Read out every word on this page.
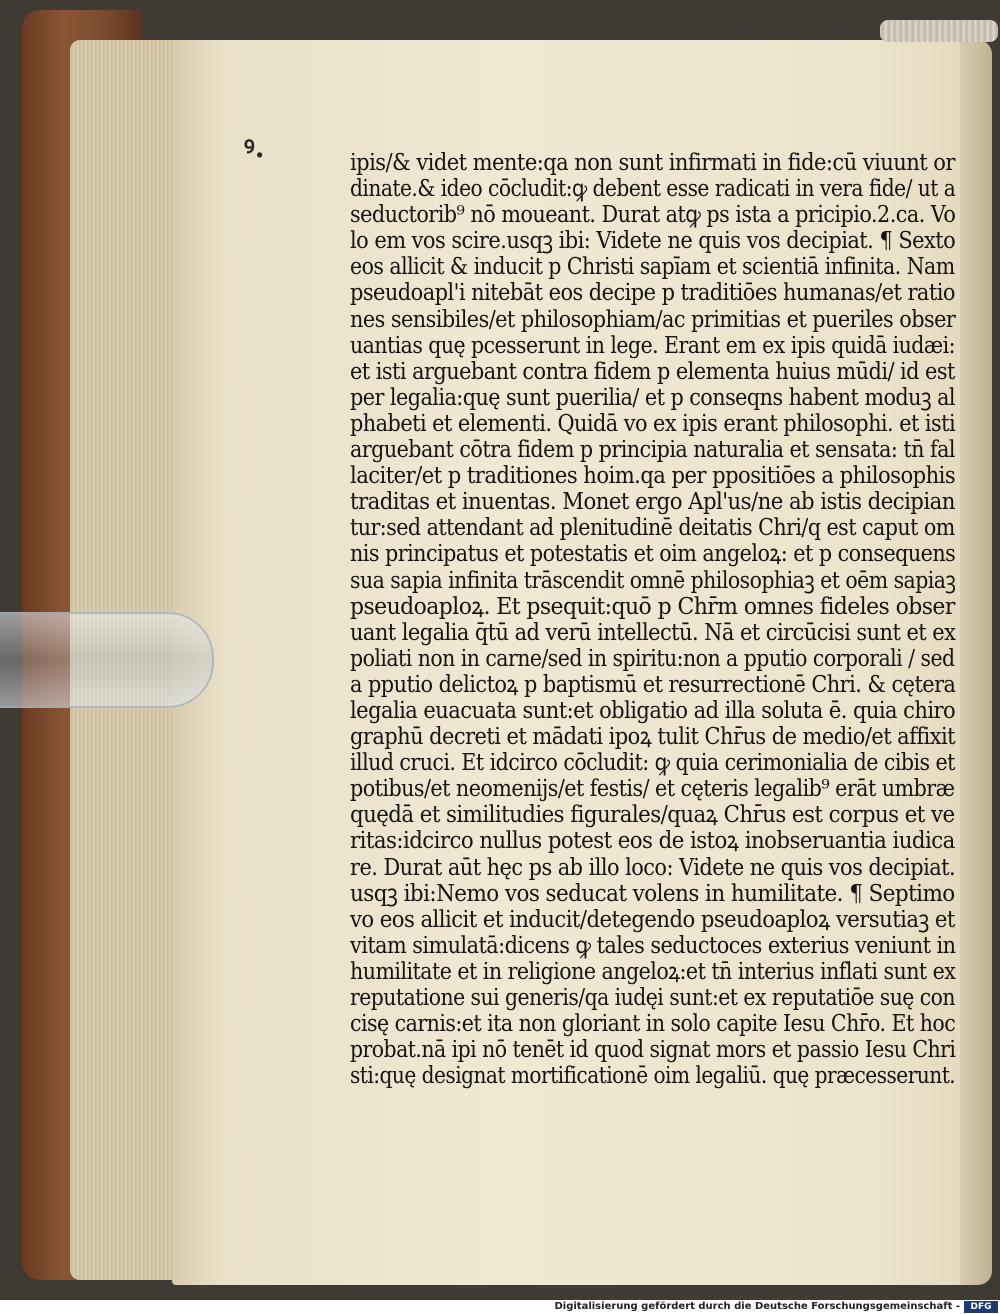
ꝰ.	ipis/& videt mente:qa non sunt infirmati in fide:cū viuunt or
dinate.& ideo cōcludit:ꝙ debent esse radicati in vera fide/ ut a
seductorib⁹ nō moueant. Durat atꝙ ps ista a pricipio.2.ca. Vo
lo em vos scire.usqꝫ ibi: Videte ne quis vos decipiat. ¶ Sexto
eos allicit & inducit p Christi sapīam et scientiā infinita. Nam
pseudoapl'i nitebāt eos decipe p traditiōes humanas/et ratio
nes sensibiles/et philosophiam/ac primitias et pueriles obser
uantias quę pcesserunt in lege. Erant em ex ipis quidā iudæi:
et isti arguebant contra fidem p elementa huius mūdi/ id est
per legalia:quę sunt puerilia/ et p conseqns habent moduꝫ al
phabeti et elementi. Quidā vo ex ipis erant philosophi. et isti
arguebant cōtra fidem p principia naturalia et sensata: tn̄ fal
laciter/et p traditiones hoim.qa per ppositiōes a philosophis
traditas et inuentas. Monet ergo Apl'us/ne ab istis decipian
tur:sed attendant ad plenitudinē deitatis Chri/q est caput om
nis principatus et potestatis et oim angeloꝝ: et p consequens
sua sapia infinita trāscendit omnē philosophiaꝫ et oēm sapiaꝫ
pseudoaploꝝ. Et psequit:quō p Chr̄m omnes fideles obser
uant legalia q̄tū ad verū intellectū. Nā et circūcisi sunt et ex
poliati non in carne/sed in spiritu:non a pputio corporali / sed
a pputio delictoꝝ p baptismū et resurrectionē Chri. & cętera
legalia euacuata sunt:et obligatio ad illa soluta ē. quia chiro
graphū decreti et mādati ipoꝝ tulit Chr̄us de medio/et affixit
illud cruci. Et idcirco cōcludit: ꝙ quia cerimonialia de cibis et
potibus/et neomenijs/et festis/ et cęteris legalib⁹ erāt umbræ
quędā et similitudies figurales/quaꝝ Chr̄us est corpus et ve
ritas:idcirco nullus potest eos de istoꝝ inobseruantia iudica
re. Durat aūt hęc ps ab illo loco: Videte ne quis vos decipiat.
usqꝫ ibi:Nemo vos seducat volens in humilitate. ¶ Septimo
vo eos allicit et inducit/detegendo pseudoaploꝝ versutiaꝫ et
vitam simulatā:dicens ꝙ tales seductoces exterius veniunt in
humilitate et in religione angeloꝝ:et tn̄ interius inflati sunt ex
reputatione sui generis/qa iudęi sunt:et ex reputatiōe suę con
cisę carnis:et ita non gloriant in solo capite Iesu Chr̄o. Et hoc
probat.nā ipi nō tenēt id quod signat mors et passio Iesu Chri
sti:quę designat mortificationē oim legaliū. quę præcesserunt.
Digitalisierung gefördert durch die Deutsche Forschungsgemeinschaft -	DFG
